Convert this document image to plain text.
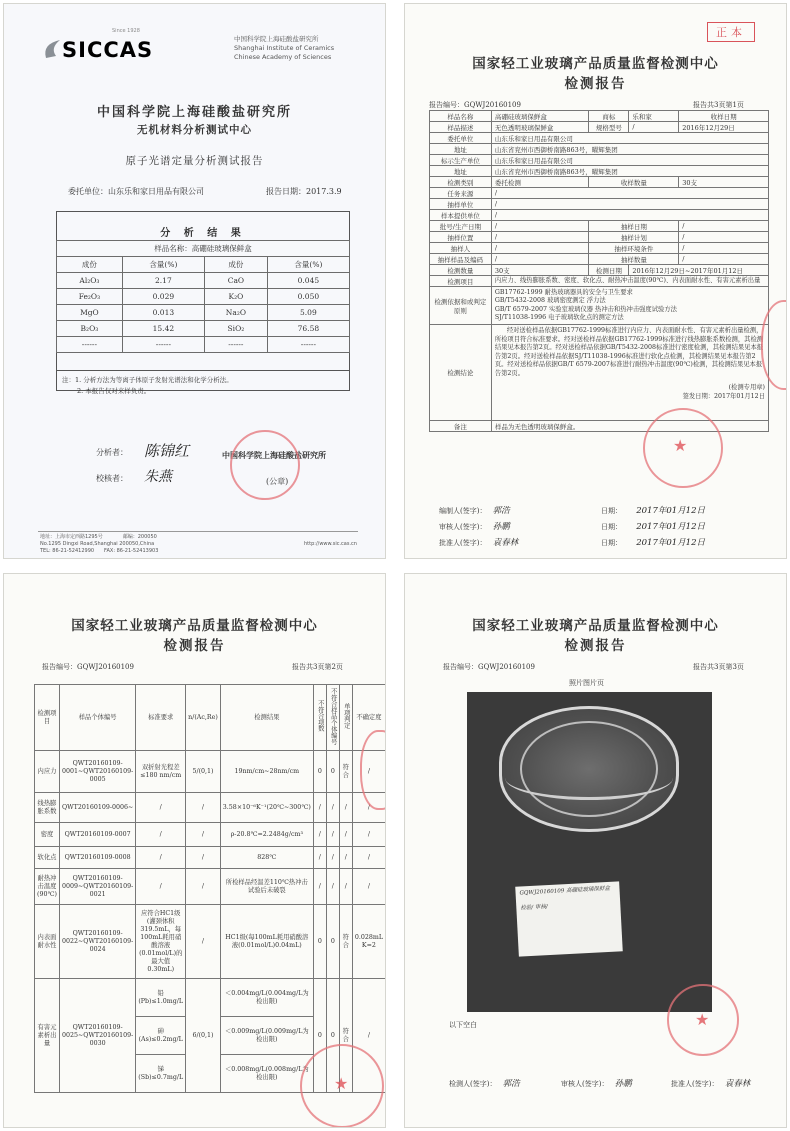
Since 1928
SICCAS	中国科学院上海硅酸盐研究所
Shanghai Institute of Ceramics
Chinese Academy of Sciences
中国科学院上海硅酸盐研究所
无机材料分析测试中心
原子光谱定量分析测试报告
委托单位：山东乐和家日用品有限公司	报告日期：2017.3.9
分 析 结 果
样品名称：高硼硅玻璃保鲜盒			
成份	含量(%)	成份	含量(%)
Al₂O₃	2.17	CaO	0.045
Fe₂O₃	0.029	K₂O	0.050
MgO	0.013	Na₂O	5.09
B₂O₃	15.42	SiO₂	76.58
------	------	------	------
注：1. 分析方法为等离子体原子发射光谱法和化学分析法。
2. 本报告仅对来样负责。
分析者： 陈锦红
校核者： 朱燕
中国科学院上海硅酸盐研究所
(公章)
地址：上海市定西路1295号　　　　邮编：200050
No.1295 Dingxi Road,Shanghai 200050,China
TEL: 86-21-52412990　　FAX: 86-21-52413903
http://www.sic.cas.cn
正本
国家轻工业玻璃产品质量监督检测中心
检测报告
报告编号：GQWJ20160109	报告共3页第1页
样品名称	高硼硅玻璃保鲜盒	商标	乐和家	收样日期
样品描述	无色透明玻璃保鲜盒	规格型号	/	2016年12月29日
委托单位	山东乐和家日用品有限公司			
地址	山东省兖州市西御桥南路863号，曜辉集团			
标示生产单位	山东乐和家日用品有限公司			
地址	山东省兖州市西御桥南路863号，曜辉集团			
检测类别	委托检测	收样数量		30支
任务来源	/			
抽样单位	/			
样本提供单位	/			
批号/生产日期	/	抽样日期		/
抽样位置	/	抽样计划		/
抽样人	/	抽样环境条件		/
抽样样品及编码	/	抽样数量		/
检测数量	30支	检测日期	2016年12月29日~2017年01月12日	
检测项目	内应力、线热膨胀系数、密度、软化点、耐热冲击温度(90℃)、内表面耐水性、有害元素析出量			
检测依据和或判定原则	GB17762-1999 耐热玻璃器具的安全与卫生要求
GB/T5432-2008 玻璃密度测定 浮力法
GB/T 6579-2007 实验室玻璃仪器 热冲击和热冲击强度试验方法
SJ/T11038-1996 电子玻璃软化点的测定方法			

检测结论	经对送检样品依据GB17762-1999标准进行内应力、内表面耐水性、有害元素析出量检测，所检项目符合标准要求。经对送检样品依据GB17762-1999标准进行线热膨胀系数检测，其检测结果见本报告第2页。经对送检样品依据GB/T5432-2008标准进行密度检测，其检测结果见本报告第2页。经对送检样品依据SJ/T11038-1996标准进行软化点检测，其检测结果见本报告第2页。经对送检样品依据GB/T 6579-2007标准进行耐热冲击温度(90℃)检测，其检测结果见本报告第2页。
(检测专用章)
签发日期：2017年01月12日			

备注	样品为无色透明玻璃保鲜盒。			
★
编制人(签字)： 郭浩	日期： 2017年01月12日
审核人(签字)： 孙鹏	日期： 2017年01月12日
批准人(签字)： 袁春林	日期： 2017年01月12日
国家轻工业玻璃产品质量监督检测中心
检测报告
报告编号：GQWJ20160109	报告共3页第2页
检测项目	样品个体编号	标准要求	n/(Ac,Re)	检测结果	不符合项数	不符合样品个体编号	单项判定	不确定度
内应力	QWT20160109-0001~QWT20160109-0005	双折射光程差≤180 nm/cm	5/(0,1)	19nm/cm~28nm/cm	0	0	符合	/
线热膨胀系数	QWT20160109-0006~	/	/	3.58×10⁻⁶K⁻¹(20℃~300℃)	/	/	/	/
密度	QWT20160109-0007	/	/	ρ-20.8℃=2.2484g/cm³	/	/	/	/
软化点	QWT20160109-0008	/	/	828℃	/	/	/	/
耐热冲击温度(90℃)	QWT20160109-0009~QWT20160109-0021	/	/	所检样品经温差110℃热冲击试验后未破裂	/	/	/	/
内表面耐水性	QWT20160109-0022~QWT20160109-0024	应符合HC1级(灌颈体积319.5mL，每100mL耗用硝酸溶液(0.01mol/L)的最大值0.30mL)	/	HC1级(每100mL耗用硝酸溶液(0.01mol/L)0.04mL)	0	0	符合	0.028mL K=2
有害元素析出量	QWT20160109-0025~QWT20160109-0030	铅(Pb)≤1.0mg/L	6/(0,1)	＜0.004mg/L(0.004mg/L为检出限)	0	0	符合	/
		砷(As)≤0.2mg/L		＜0.009mg/L(0.009mg/L为检出限)				
		锑(Sb)≤0.7mg/L		＜0.008mg/L(0.008mg/L为检出限)					★
国家轻工业玻璃产品质量监督检测中心
检测报告
报告编号：GQWJ20160109	报告共3页第3页
照片图片页
GQWJ20160109 高硼硅玻璃保鲜盒
检验/ 审核/
以下空白	★
检测人(签字)： 郭浩	审核人(签字)： 孙鹏	批准人(签字)： 袁春林
